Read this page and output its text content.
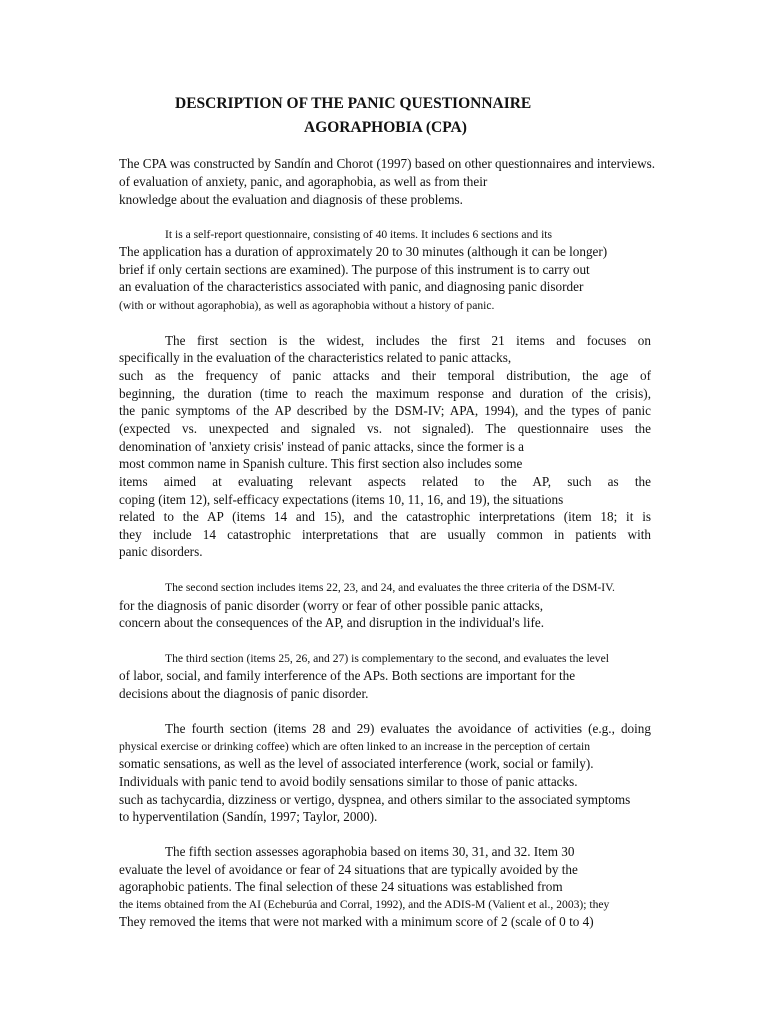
DESCRIPTION OF THE PANIC QUESTIONNAIRE
AGORAPHOBIA (CPA)
The CPA was constructed by Sandín and Chorot (1997) based on other questionnaires and interviews.
of evaluation of anxiety, panic, and agoraphobia, as well as from their
knowledge about the evaluation and diagnosis of these problems.
It is a self-report questionnaire, consisting of 40 items. It includes 6 sections and its
The application has a duration of approximately 20 to 30 minutes (although it can be longer)
brief if only certain sections are examined). The purpose of this instrument is to carry out
an evaluation of the characteristics associated with panic, and diagnosing panic disorder
(with or without agoraphobia), as well as agoraphobia without a history of panic.
The first section is the widest, includes the first 21 items and focuses on
specifically in the evaluation of the characteristics related to panic attacks,
such as the frequency of panic attacks and their temporal distribution, the age of
beginning, the duration (time to reach the maximum response and duration of the crisis),
the panic symptoms of the AP described by the DSM-IV; APA, 1994), and the types of panic
(expected vs. unexpected and signaled vs. not signaled). The questionnaire uses the
denomination of 'anxiety crisis' instead of panic attacks, since the former is a
most common name in Spanish culture. This first section also includes some
items aimed at evaluating relevant aspects related to the AP, such as the
coping (item 12), self-efficacy expectations (items 10, 11, 16, and 19), the situations
related to the AP (items 14 and 15), and the catastrophic interpretations (item 18; it is
they include 14 catastrophic interpretations that are usually common in patients with
panic disorders.
The second section includes items 22, 23, and 24, and evaluates the three criteria of the DSM-IV.
for the diagnosis of panic disorder (worry or fear of other possible panic attacks,
concern about the consequences of the AP, and disruption in the individual's life.
The third section (items 25, 26, and 27) is complementary to the second, and evaluates the level
of labor, social, and family interference of the APs. Both sections are important for the
decisions about the diagnosis of panic disorder.
The fourth section (items 28 and 29) evaluates the avoidance of activities (e.g., doing
physical exercise or drinking coffee) which are often linked to an increase in the perception of certain
somatic sensations, as well as the level of associated interference (work, social or family).
Individuals with panic tend to avoid bodily sensations similar to those of panic attacks.
such as tachycardia, dizziness or vertigo, dyspnea, and others similar to the associated symptoms
to hyperventilation (Sandín, 1997; Taylor, 2000).
The fifth section assesses agoraphobia based on items 30, 31, and 32. Item 30
evaluate the level of avoidance or fear of 24 situations that are typically avoided by the
agoraphobic patients. The final selection of these 24 situations was established from
the items obtained from the AI (Echeburúa and Corral, 1992), and the ADIS-M (Valient et al., 2003); they
They removed the items that were not marked with a minimum score of 2 (scale of 0 to 4)
